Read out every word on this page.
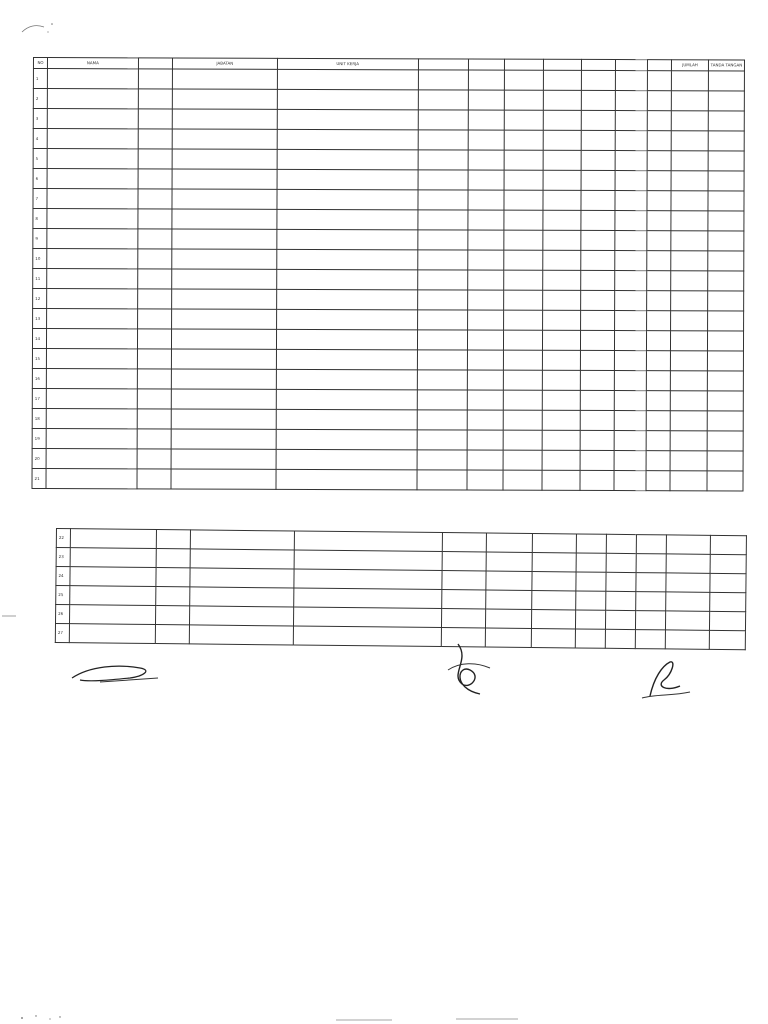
NO	NAMA		JABATAN	UNIT KERJA								JUMLAH	TANDA TANGAN
1													
2													
3													
4													
5													
6													
7													
8													
9													
10													
11													
12													
13													
14													
15													
16													
17													
18													
19													
20													
21													
22												
23												
24												
25												
26												
27												
